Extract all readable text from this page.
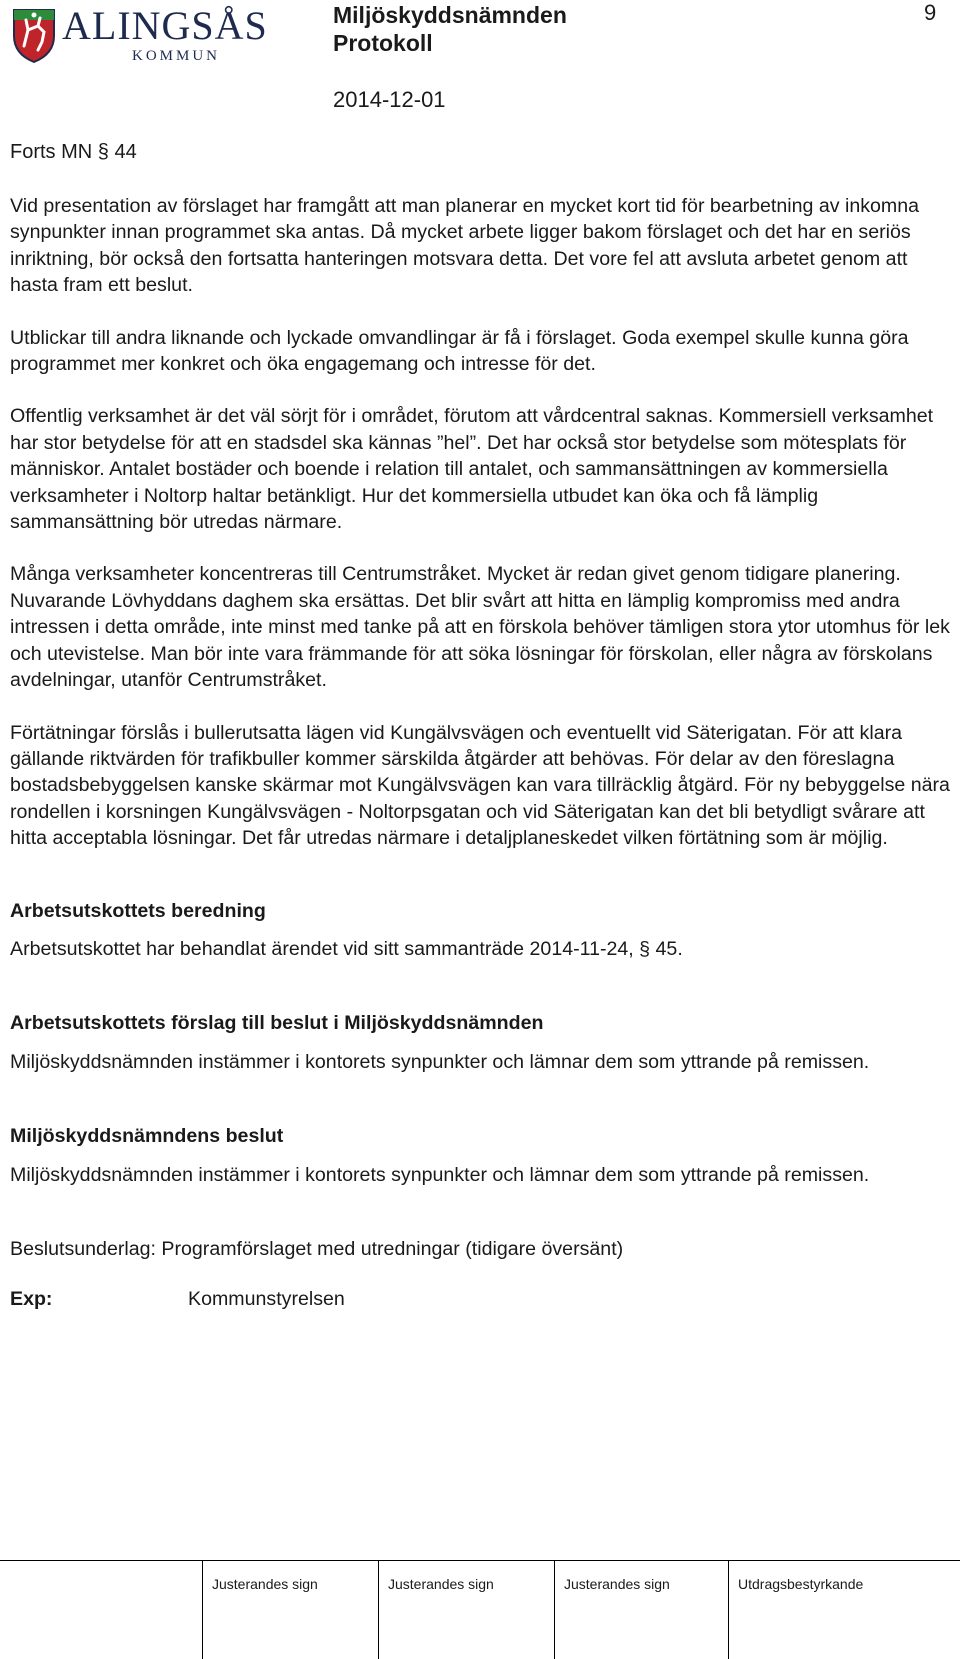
ALINGSÅS
KOMMUN
Miljöskyddsnämnden
Protokoll
9
2014-12-01
Forts MN § 44

Vid presentation av förslaget har framgått att man planerar en mycket kort tid för bearbetning av inkomna synpunkter innan programmet ska antas. Då mycket arbete ligger bakom förslaget och det har en seriös inriktning, bör också den fortsatta hanteringen motsvara detta. Det vore fel att avsluta arbetet genom att hasta fram ett beslut.

Utblickar till andra liknande och lyckade omvandlingar är få i förslaget. Goda exempel skulle kunna göra programmet mer konkret och öka engagemang och intresse för det.

Offentlig verksamhet är det väl sörjt för i området, förutom att vårdcentral saknas. Kommersiell verksamhet har stor betydelse för att en stadsdel ska kännas ”hel”. Det har också stor betydelse som mötesplats för människor. Antalet bostäder och boende i relation till antalet, och sammansättningen av kommersiella verksamheter i Noltorp haltar betänkligt. Hur det kommersiella utbudet kan öka och få lämplig sammansättning bör utredas närmare.

Många verksamheter koncentreras till Centrumstråket. Mycket är redan givet genom tidigare planering. Nuvarande Lövhyddans daghem ska ersättas. Det blir svårt att hitta en lämplig kompromiss med andra intressen i detta område, inte minst med tanke på att en förskola behöver tämligen stora ytor utomhus för lek och utevistelse. Man bör inte vara främmande för att söka lösningar för förskolan, eller några av förskolans avdelningar, utanför Centrumstråket.

Förtätningar förslås i bullerutsatta lägen vid Kungälvsvägen och eventuellt vid Säterigatan. För att klara gällande riktvärden för trafikbuller kommer särskilda åtgärder att behövas. För delar av den föreslagna bostadsbebyggelsen kanske skärmar mot Kungälvsvägen kan vara tillräcklig åtgärd. För ny bebyggelse nära rondellen i korsningen Kungälvsvägen - Noltorpsgatan och vid Säterigatan kan det bli betydligt svårare att hitta acceptabla lösningar. Det får utredas närmare i detaljplaneskedet vilken förtätning som är möjlig.

Arbetsutskottets beredning

Arbetsutskottet har behandlat ärendet vid sitt sammanträde 2014-11-24, § 45.

Arbetsutskottets förslag till beslut i Miljöskyddsnämnden

Miljöskyddsnämnden instämmer i kontorets synpunkter och lämnar dem som yttrande på remissen.

Miljöskyddsnämndens beslut

Miljöskyddsnämnden instämmer i kontorets synpunkter och lämnar dem som yttrande på remissen.

Beslutsunderlag: Programförslaget med utredningar (tidigare översänt)

Exp:	Kommunstyrelsen
Justerandes sign	Justerandes sign	Justerandes sign	Utdragsbestyrkande
